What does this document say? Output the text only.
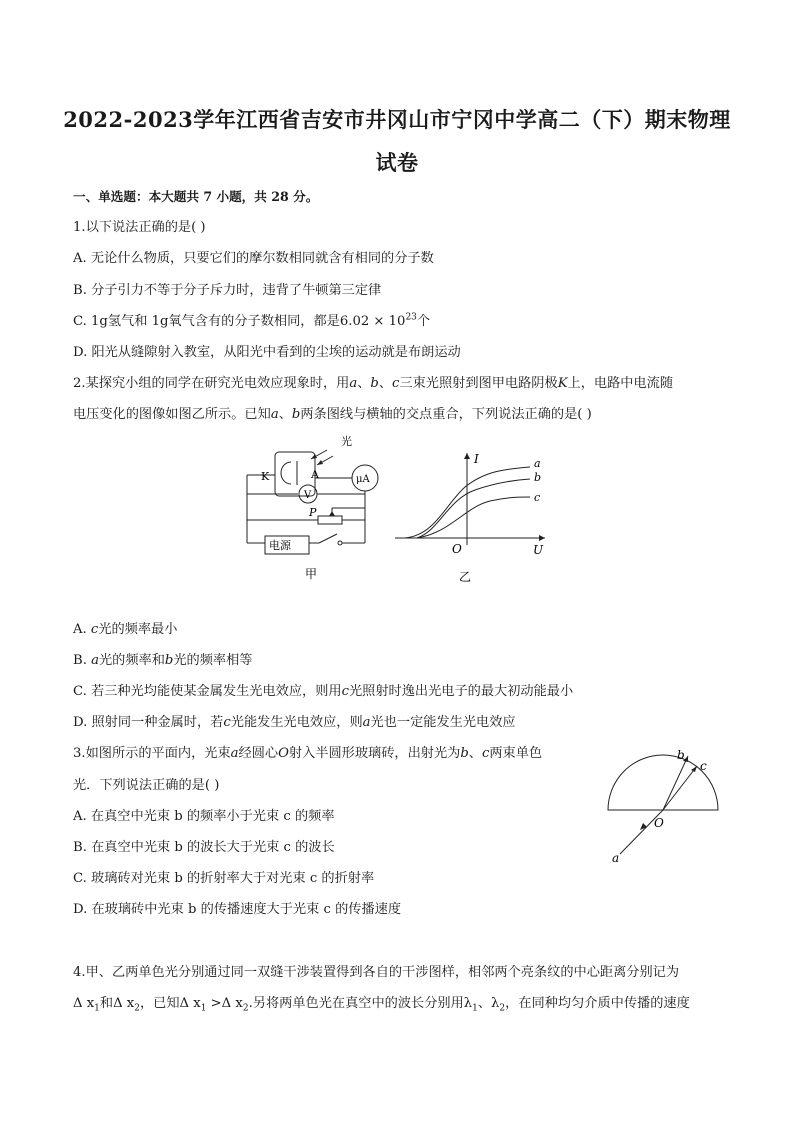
2022-2023学年江西省吉安市井冈山市宁冈中学高二（下）期末物理
试卷
一、单选题：本大题共 7 小题，共 28 分。
1.以下说法正确的是( )
A. 无论什么物质，只要它们的摩尔数相同就含有相同的分子数
B. 分子引力不等于分子斥力时，违背了牛顿第三定律
C. 1g氢气和 1g氧气含有的分子数相同，都是$6.02 \times 10^{23}$个
D. 阳光从缝隙射入教室，从阳光中看到的尘埃的运动就是布朗运动
2.某探究小组的同学在研究光电效应现象时，用a、b、c三束光照射到图甲电路阴极K上，电路中电流随
电压变化的图像如图乙所示。已知a、b两条图线与横轴的交点重合，下列说法正确的是( )
光
K	A	μA
V
P
电源
甲
I
U
O
a
b
c
乙
A. c光的频率最小
B. a光的频率和b光的频率相等
C. 若三种光均能使某金属发生光电效应，则用c光照射时逸出光电子的最大初动能最小
D. 照射同一种金属时，若c光能发生光电效应，则a光也一定能发生光电效应
3.如图所示的平面内，光束a经圆心O射入半圆形玻璃砖，出射光为b、c两束单色
光．下列说法正确的是( )
A. 在真空中光束 b 的频率小于光束 c 的频率
B. 在真空中光束 b 的波长大于光束 c 的波长
C. 玻璃砖对光束 b 的折射率大于对光束 c 的折射率
D. 在玻璃砖中光束 b 的传播速度大于光束 c 的传播速度
a
b
c
O
4.甲、乙两单色光分别通过同一双缝干涉装置得到各自的干涉图样，相邻两个亮条纹的中心距离分别记为
Δ $x_1$和Δ $x_2$，已知Δ $x_1 >\Delta$ $x_2$.另将两单色光在真空中的波长分别用$\lambda_1$、$\lambda_2$，在同种均匀介质中传播的速度
